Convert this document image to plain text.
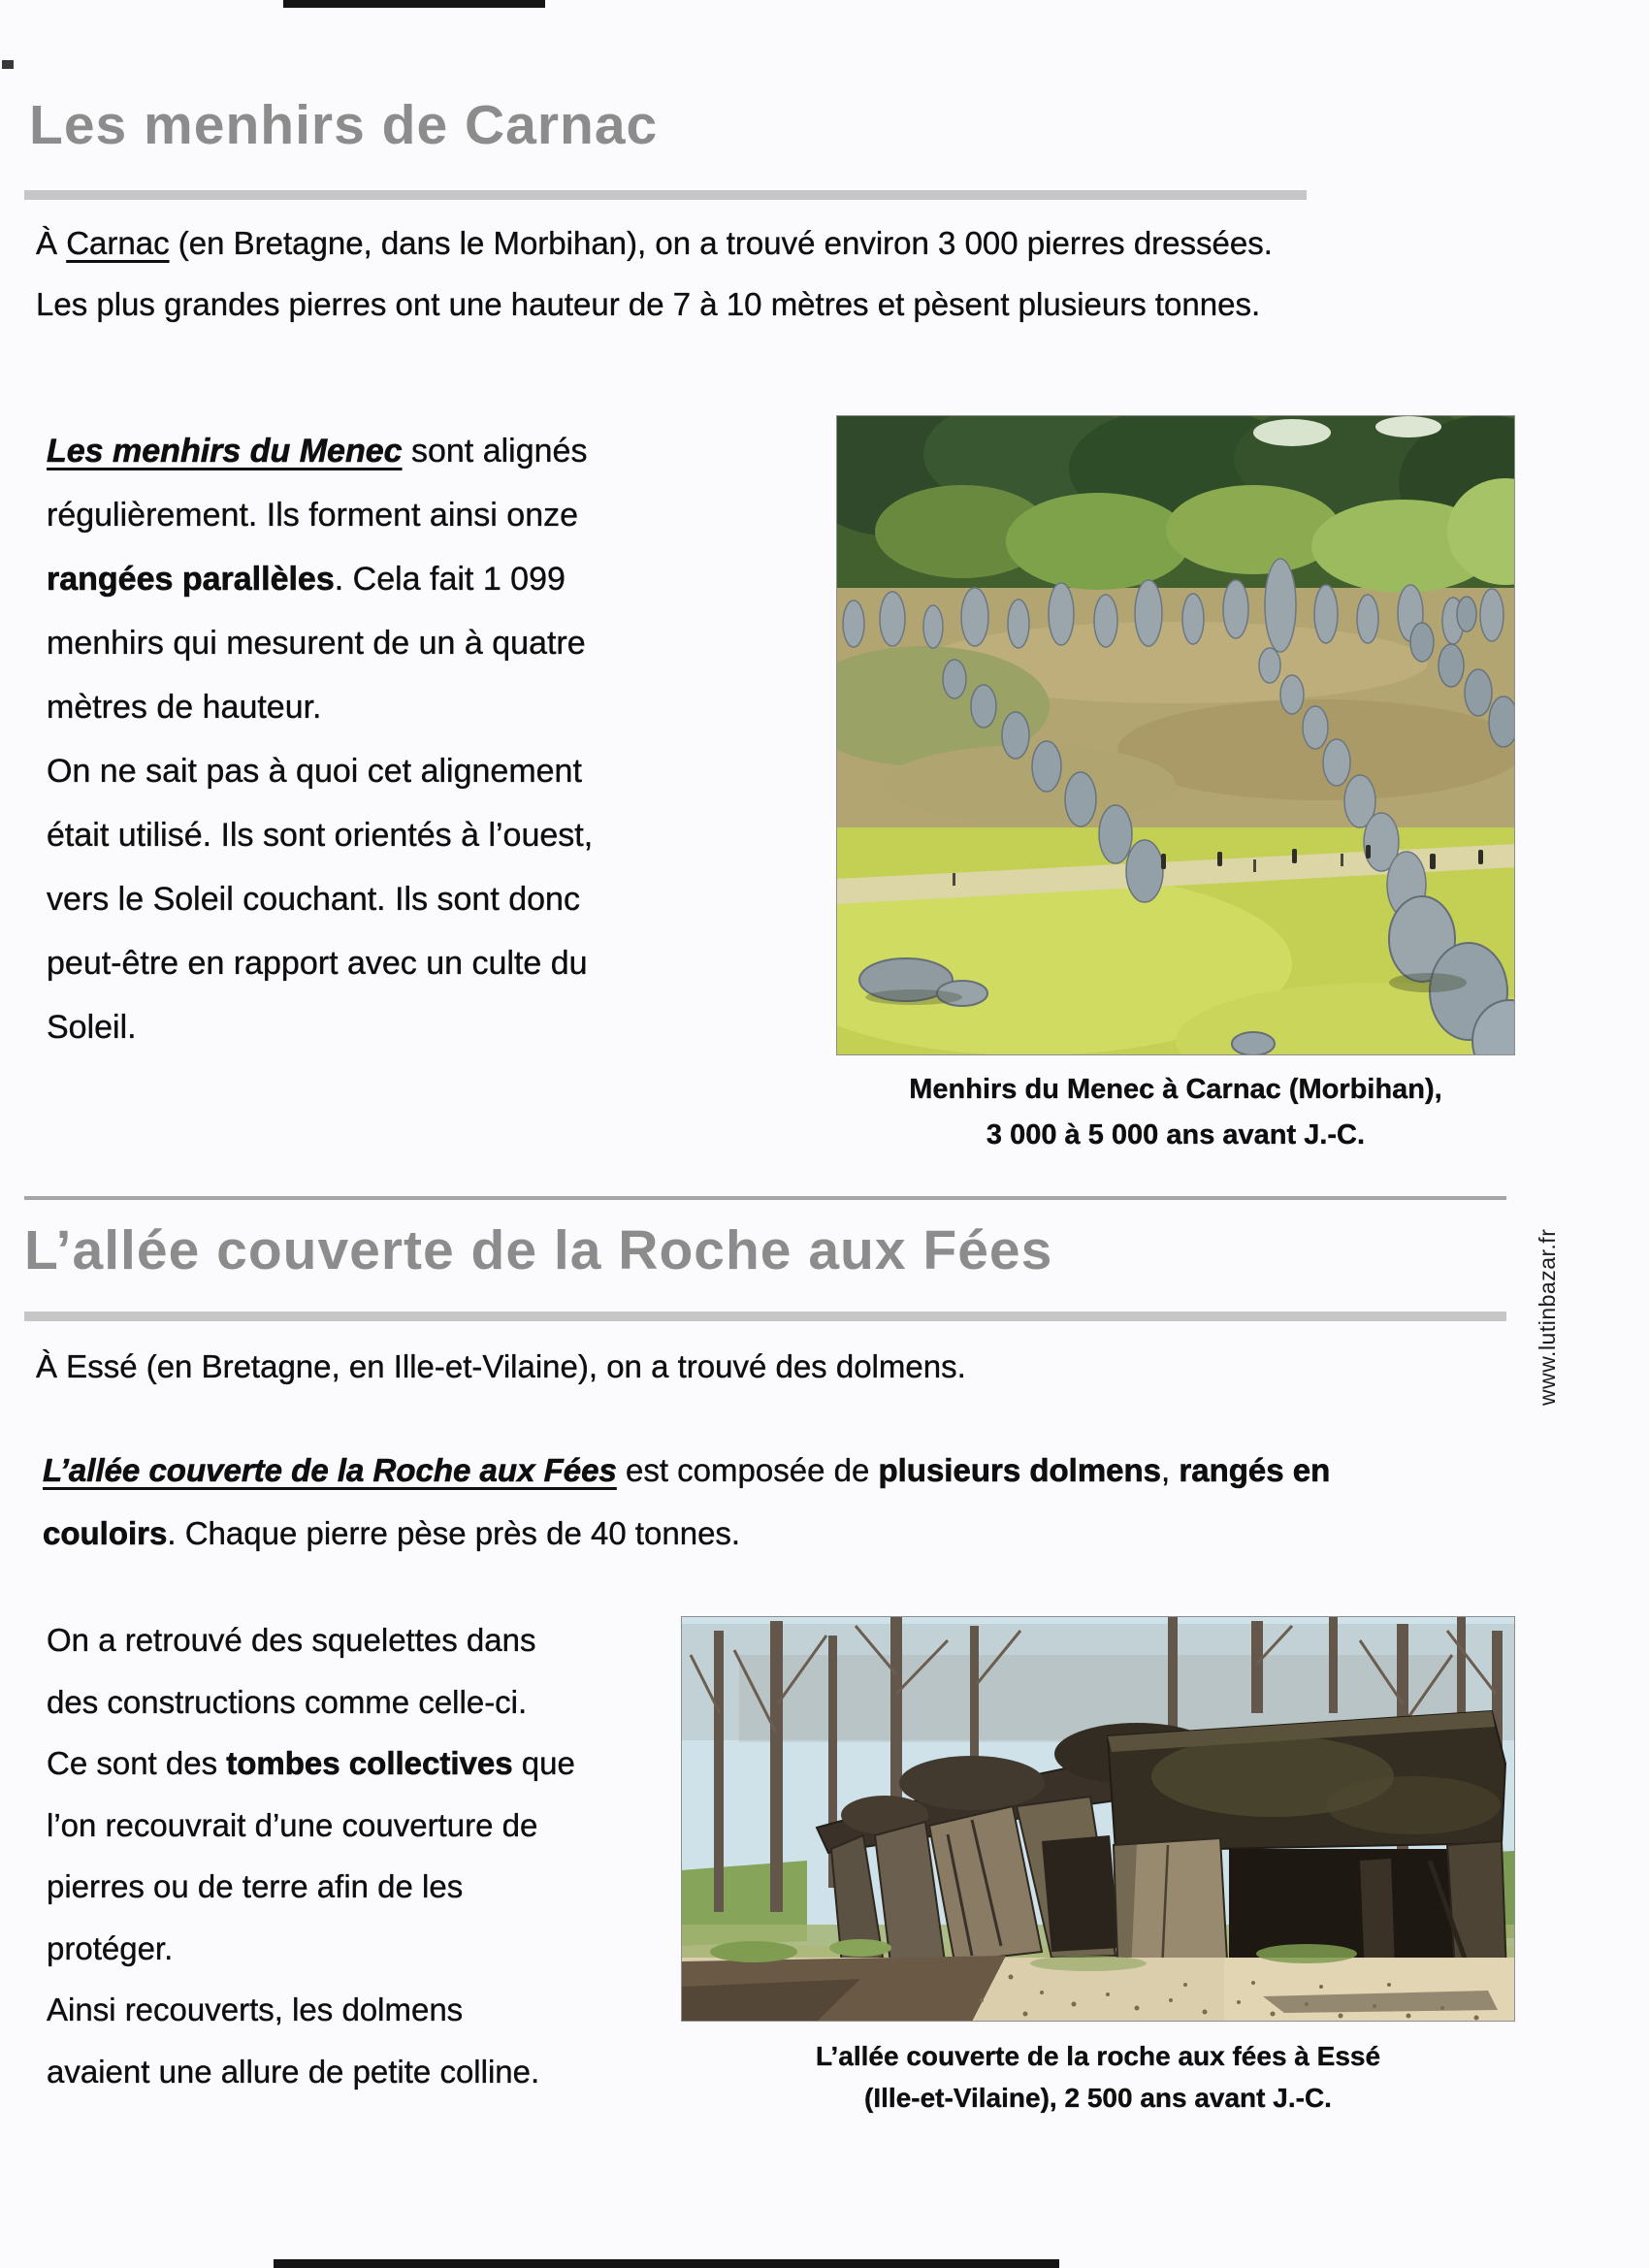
Les menhirs de Carnac
À Carnac (en Bretagne, dans le Morbihan), on a trouvé environ 3 000 pierres dressées.
Les plus grandes pierres ont une hauteur de 7 à 10 mètres et pèsent plusieurs tonnes.
Les menhirs du Menec sont alignés
régulièrement. Ils forment ainsi onze
rangées parallèles. Cela fait 1 099
menhirs qui mesurent de un à quatre
mètres de hauteur.
On ne sait pas à quoi cet alignement
était utilisé. Ils sont orientés à l’ouest,
vers le Soleil couchant. Ils sont donc
peut-être en rapport avec un culte du
Soleil.
Menhirs du Menec à Carnac (Morbihan),
3 000 à 5 000 ans avant J.-C.
L’allée couverte de la Roche aux Fées
À Essé (en Bretagne, en Ille-et-Vilaine), on a trouvé des dolmens.
L’allée couverte de la Roche aux Fées est composée de plusieurs dolmens, rangés en
couloirs. Chaque pierre pèse près de 40 tonnes.
On a retrouvé des squelettes dans
des constructions comme celle-ci.
Ce sont des tombes collectives que
l’on recouvrait d’une couverture de
pierres ou de terre afin de les
protéger.
Ainsi recouverts, les dolmens
avaient une allure de petite colline.	L’allée couverte de la roche aux fées à Essé
(Ille-et-Vilaine), 2 500 ans avant J.-C.
www.lutinbazar.fr
